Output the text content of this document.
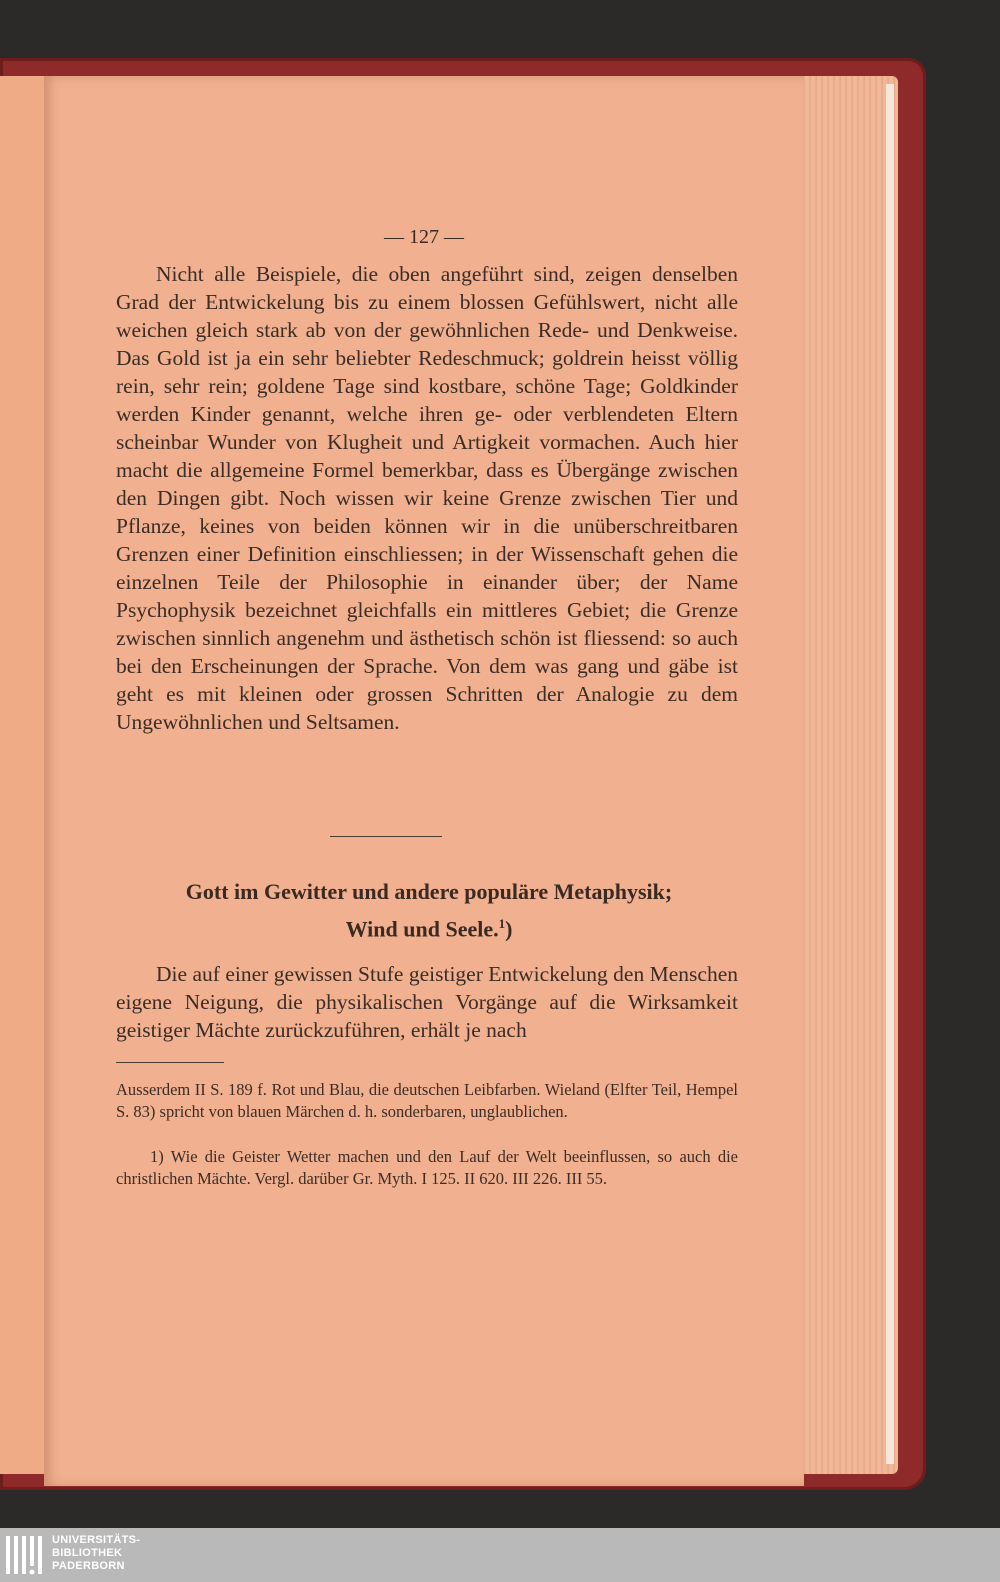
— 127 —

Nicht alle Beispiele, die oben angeführt sind, zeigen denselben Grad der Entwickelung bis zu einem blossen Gefühlswert, nicht alle weichen gleich stark ab von der gewöhnlichen Rede- und Denkweise. Das Gold ist ja ein sehr beliebter Redeschmuck; goldrein heisst völlig rein, sehr rein; goldene Tage sind kostbare, schöne Tage; Goldkinder werden Kinder genannt, welche ihren ge- oder verblendeten Eltern scheinbar Wunder von Klugheit und Artigkeit vormachen. Auch hier macht die allgemeine Formel bemerkbar, dass es Übergänge zwischen den Dingen gibt. Noch wissen wir keine Grenze zwischen Tier und Pflanze, keines von beiden können wir in die unüberschreitbaren Grenzen einer Definition einschliessen; in der Wissenschaft gehen die einzelnen Teile der Philosophie in einander über; der Name Psychophysik bezeichnet gleichfalls ein mittleres Gebiet; die Grenze zwischen sinnlich angenehm und ästhetisch schön ist fliessend: so auch bei den Erscheinungen der Sprache. Von dem was gang und gäbe ist geht es mit kleinen oder grossen Schritten der Analogie zu dem Ungewöhnlichen und Seltsamen.

Gott im Gewitter und andere populäre Metaphysik;
Wind und Seele.$^1$)

Die auf einer gewissen Stufe geistiger Entwickelung den Menschen eigene Neigung, die physikalischen Vorgänge auf die Wirksamkeit geistiger Mächte zurückzuführen, erhält je nach

Ausserdem II S. 189 f. Rot und Blau, die deutschen Leibfarben. Wieland (Elfter Teil, Hempel S. 83) spricht von blauen Märchen d. h. sonderbaren, unglaublichen.

1) Wie die Geister Wetter machen und den Lauf der Welt beeinflussen, so auch die christlichen Mächte. Vergl. darüber Gr. Myth. I 125. II 620. III 226. III 55.

UNIVERSITÄTS-
BIBLIOTHEK
PADERBORN
